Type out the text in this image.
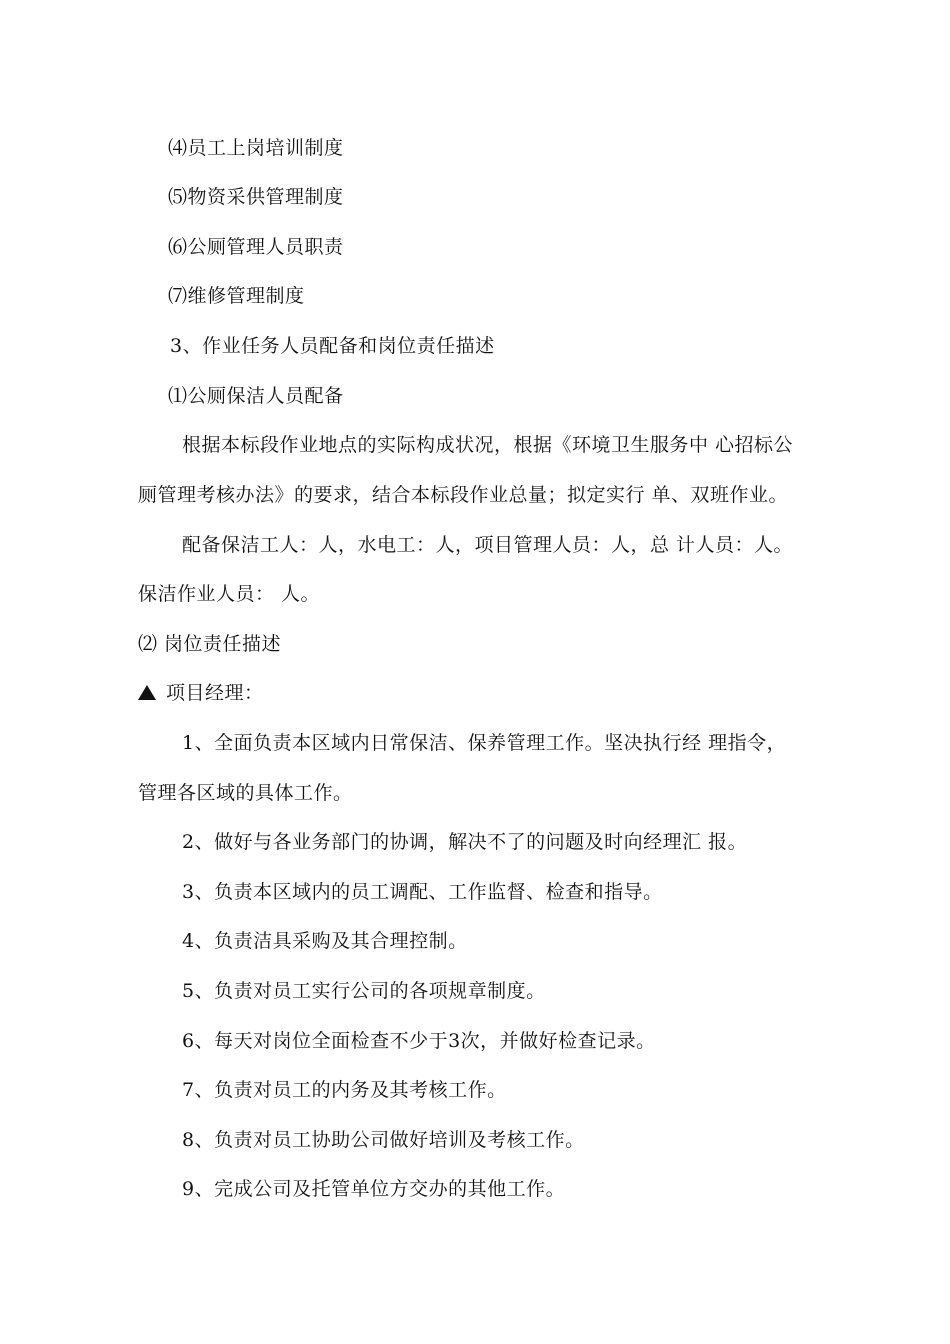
⑷员工上岗培训制度
⑸物资采供管理制度
⑹公厕管理人员职责
⑺维修管理制度
3、作业任务人员配备和岗位责任描述
⑴公厕保洁人员配备
根据本标段作业地点的实际构成状况，根据《环境卫生服务中 心招标公
厕管理考核办法》的要求，结合本标段作业总量；拟定实行 单、双班作业。
配备保洁工人：人，水电工：人，项目管理人员：人，总 计人员：人。
保洁作业人员： 人。
⑵ 岗位责任描述
项目经理：
1、全面负责本区域内日常保洁、保养管理工作。坚决执行经 理指令，
管理各区域的具体工作。
2、做好与各业务部门的协调，解决不了的问题及时向经理汇 报。
3、负责本区域内的员工调配、工作监督、检查和指导。
4、负责洁具采购及其合理控制。
5、负责对员工实行公司的各项规章制度。
6、每天对岗位全面检查不少于3次，并做好检查记录。
7、负责对员工的内务及其考核工作。
8、负责对员工协助公司做好培训及考核工作。
9、完成公司及托管单位方交办的其他工作。
